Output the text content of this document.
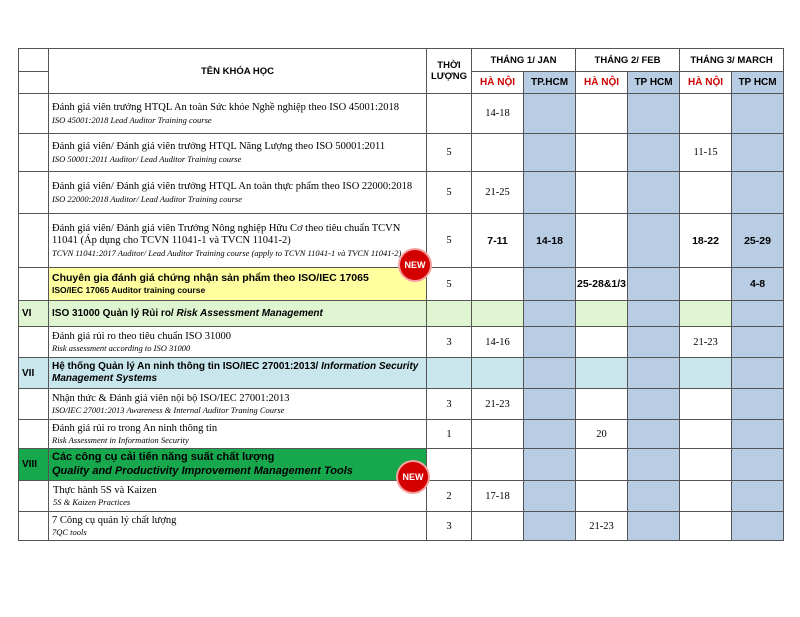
	TÊN KHÓA HỌC	THỜI LƯỢNG	THÁNG 1/ JAN		THÁNG 2/ FEB		THÁNG 3/ MARCH	
			HÀ NỘI	TP.HCM	HÀ NỘI	TP HCM	HÀ NỘI	TP HCM
	Đánh giá viên trưởng HTQL An toàn Sức khỏe Nghề nghiệp theo ISO 45001:2018
ISO 45001:2018 Lead Auditor Training course		14-18					
	Đánh giá viên/ Đánh giá viên trưởng HTQL Năng Lượng theo ISO 50001:2011
ISO 50001:2011 Auditor/ Lead Auditor Training course	5					11-15	
	Đánh giá viên/ Đánh giá viên trưởng HTQL An toàn thực phẩm theo ISO 22000:2018
ISO 22000:2018 Auditor/ Lead Auditor Training course	5	21-25					
	Đánh giá viên/ Đánh giá viên Trưởng Nông nghiệp Hữu Cơ theo tiêu chuẩn TCVN 11041 (Áp dụng cho TCVN 11041-1 và TVCN 11041-2)
TCVN 11041:2017 Auditor/ Lead Auditor Training course (apply to TCVN 11041-1 và TVCN 11041-2)	5	7-11	14-18			18-22	25-29
	Chuyên gia đánh giá chứng nhận sản phẩm theo ISO/IEC 17065
ISO/IEC 17065 Auditor training course	5			25-28&1/3			4-8
VI	ISO 31000 Quản lý Rủi ro/ Risk Assessment Management							
	Đánh giá rủi ro theo tiêu chuẩn ISO 31000
Risk assessment according to ISO 31000	3	14-16				21-23	
VII	Hệ thống Quản lý An ninh thông tin ISO/IEC 27001:2013/ Information Security Management Systems							
	Nhận thức & Đánh giá viên nội bộ ISO/IEC 27001:2013
ISO/IEC 27001:2013 Awareness & Internal Auditor Traning Course	3	21-23					
	Đánh giá rủi ro trong An ninh thông tin
Risk Assessment in Information Security	1			20			
VIII	Các công cụ cải tiến năng suất chất lượng
Quality and Productivity Improvement Management Tools							
	Thực hành 5S và Kaizen
5S & Kaizen Practices	2	17-18					
	7 Công cụ quản lý chất lượng
7QC tools	3			21-23			
NEW
NEW
